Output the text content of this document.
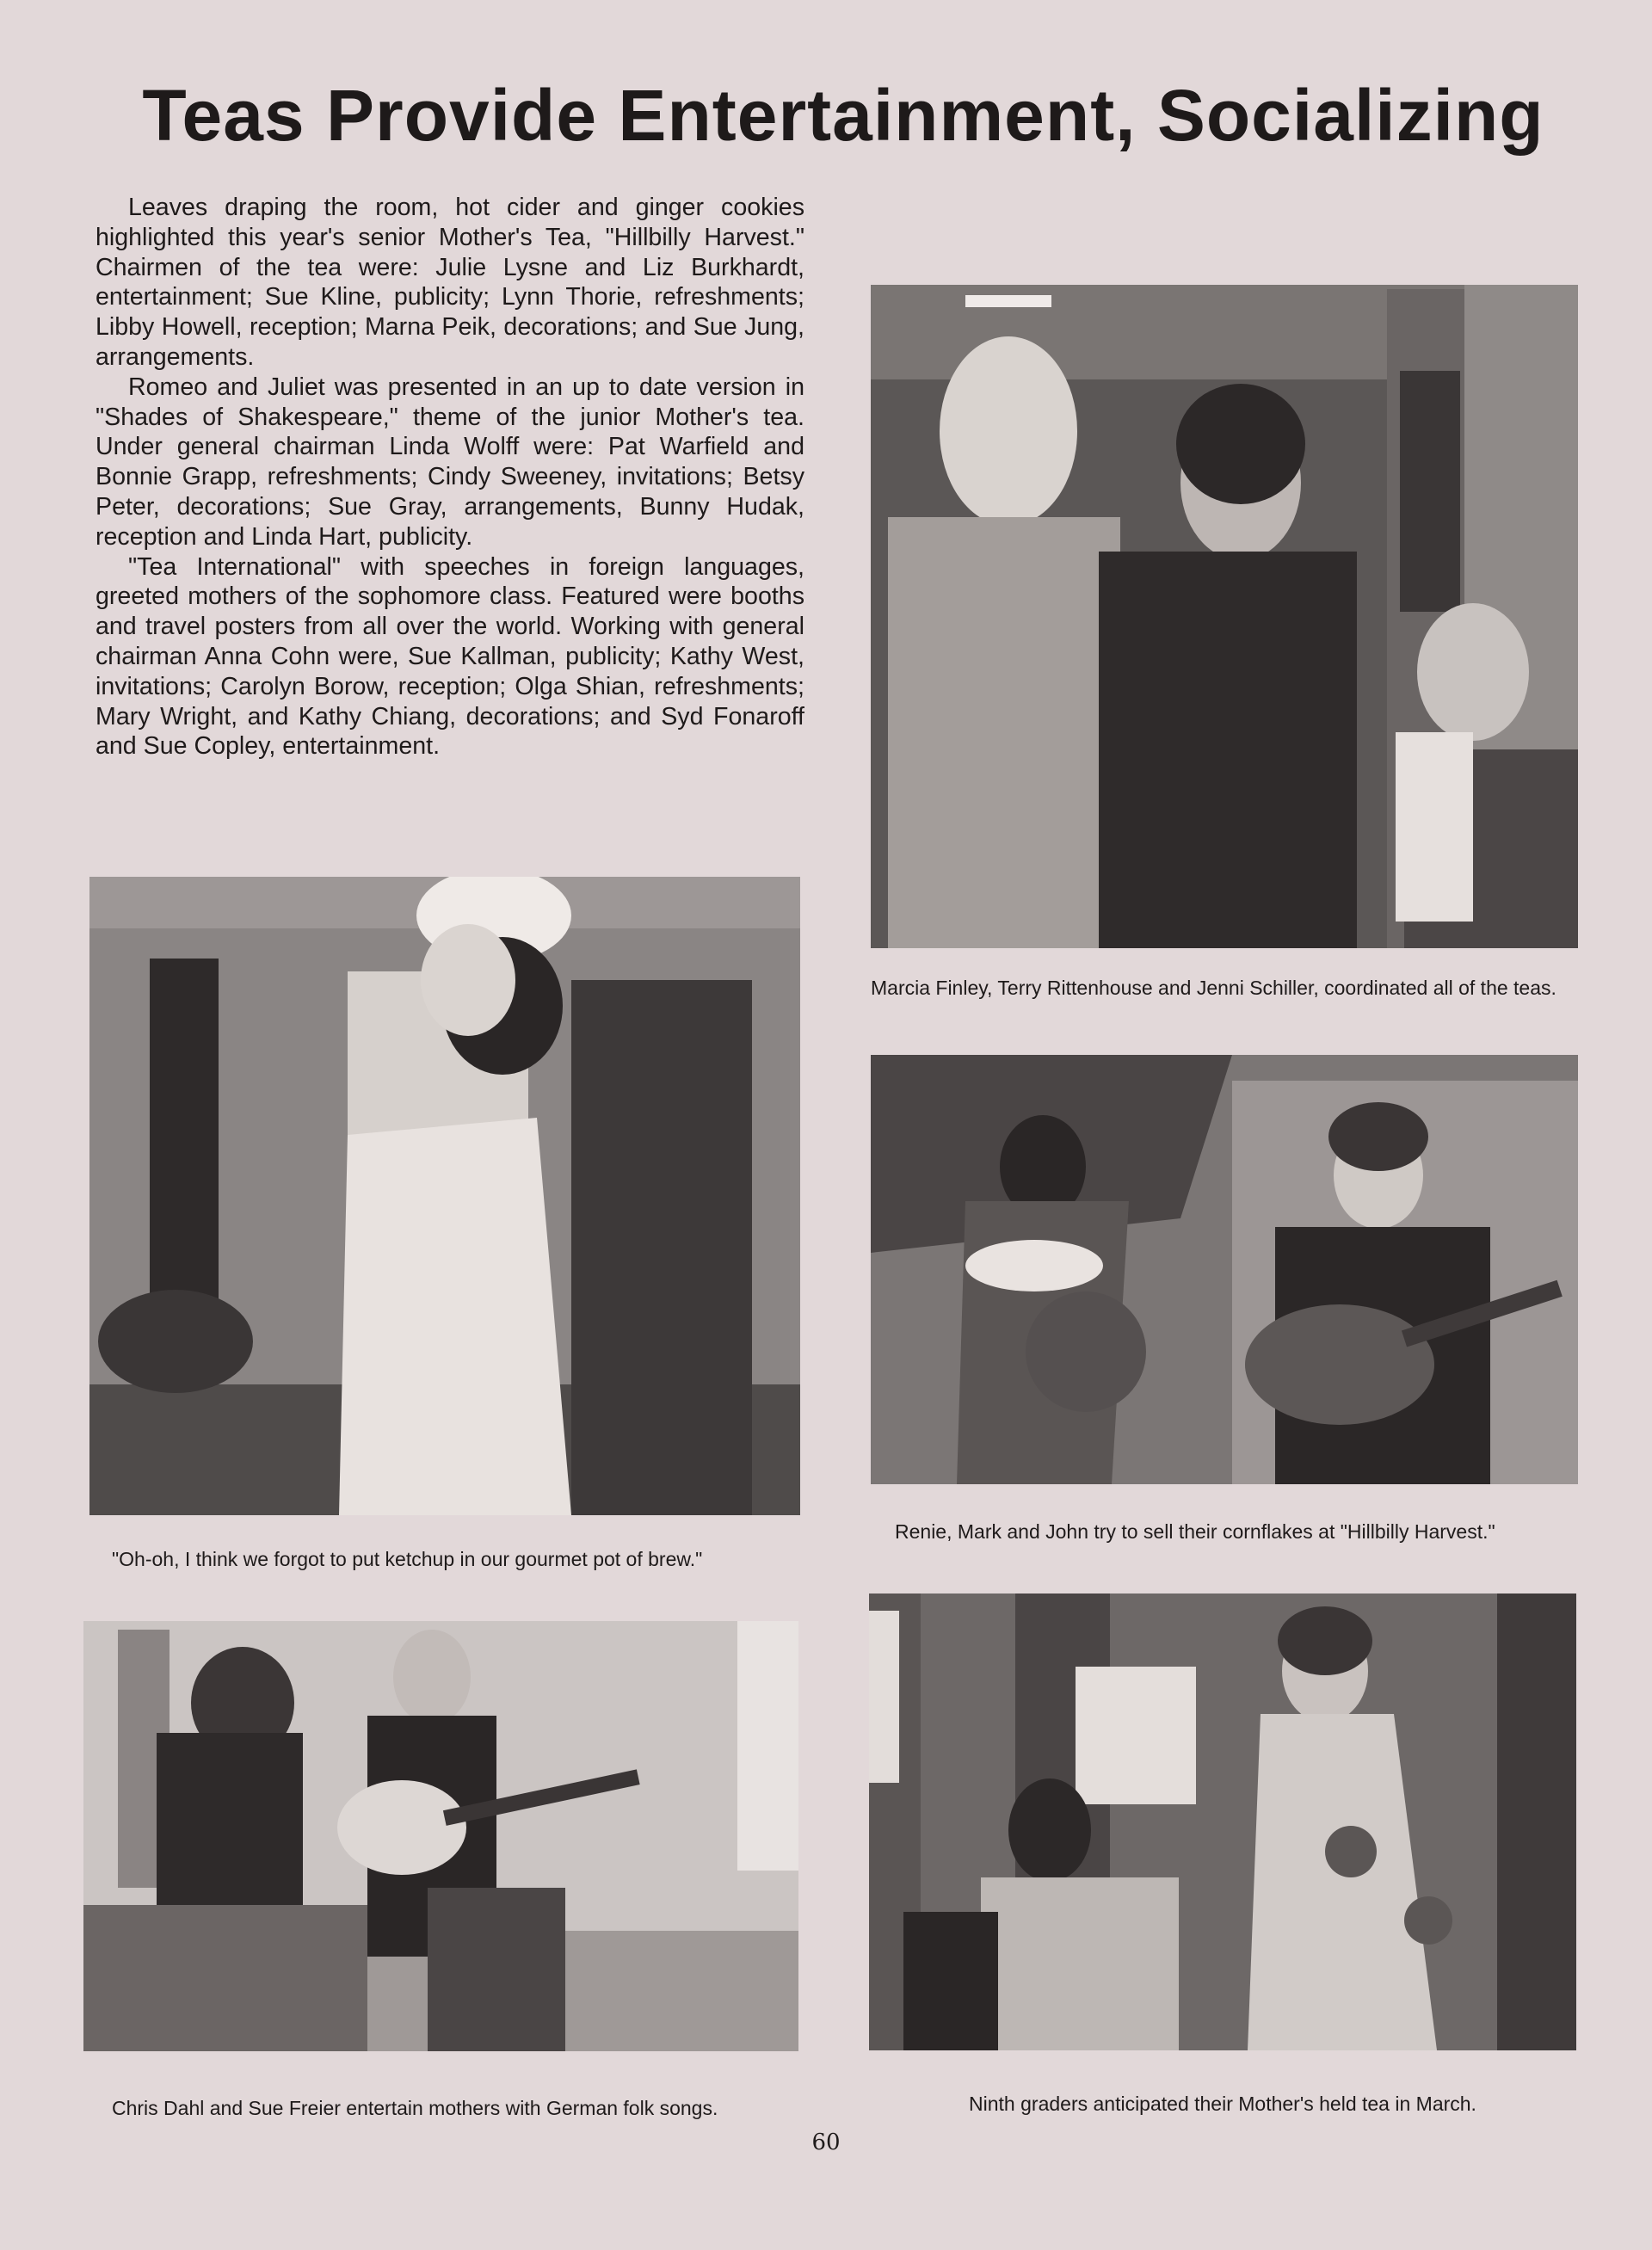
Teas Provide Entertainment, Socializing

Leaves draping the room, hot cider and ginger cookies highlighted this year's senior Mother's Tea, "Hillbilly Harvest." Chairmen of the tea were: Julie Lysne and Liz Burkhardt, entertainment; Sue Kline, publicity; Lynn Thorie, refreshments; Libby Howell, reception; Marna Peik, decorations; and Sue Jung, arrangements.

Romeo and Juliet was presented in an up to date version in "Shades of Shakespeare," theme of the junior Mother's tea. Under general chairman Linda Wolff were: Pat Warfield and Bonnie Grapp, refreshments; Cindy Sweeney, invitations; Betsy Peter, decorations; Sue Gray, arrangements, Bunny Hudak, reception and Linda Hart, publicity.

"Tea International" with speeches in foreign languages, greeted mothers of the sophomore class. Featured were booths and travel posters from all over the world. Working with general chairman Anna Cohn were, Sue Kallman, publicity; Kathy West, invitations; Carolyn Borow, reception; Olga Shian, refreshments; Mary Wright, and Kathy Chiang, decorations; and Syd Fonaroff and Sue Copley, entertainment.

Marcia Finley, Terry Rittenhouse and Jenni Schiller, coordinated all of the teas.
"Oh-oh, I think we forgot to put ketchup in our gourmet pot of brew."
Renie, Mark and John try to sell their cornflakes at "Hillbilly Harvest."
Chris Dahl and Sue Freier entertain mothers with German folk songs.	Ninth graders anticipated their Mother's held tea in March.
60
